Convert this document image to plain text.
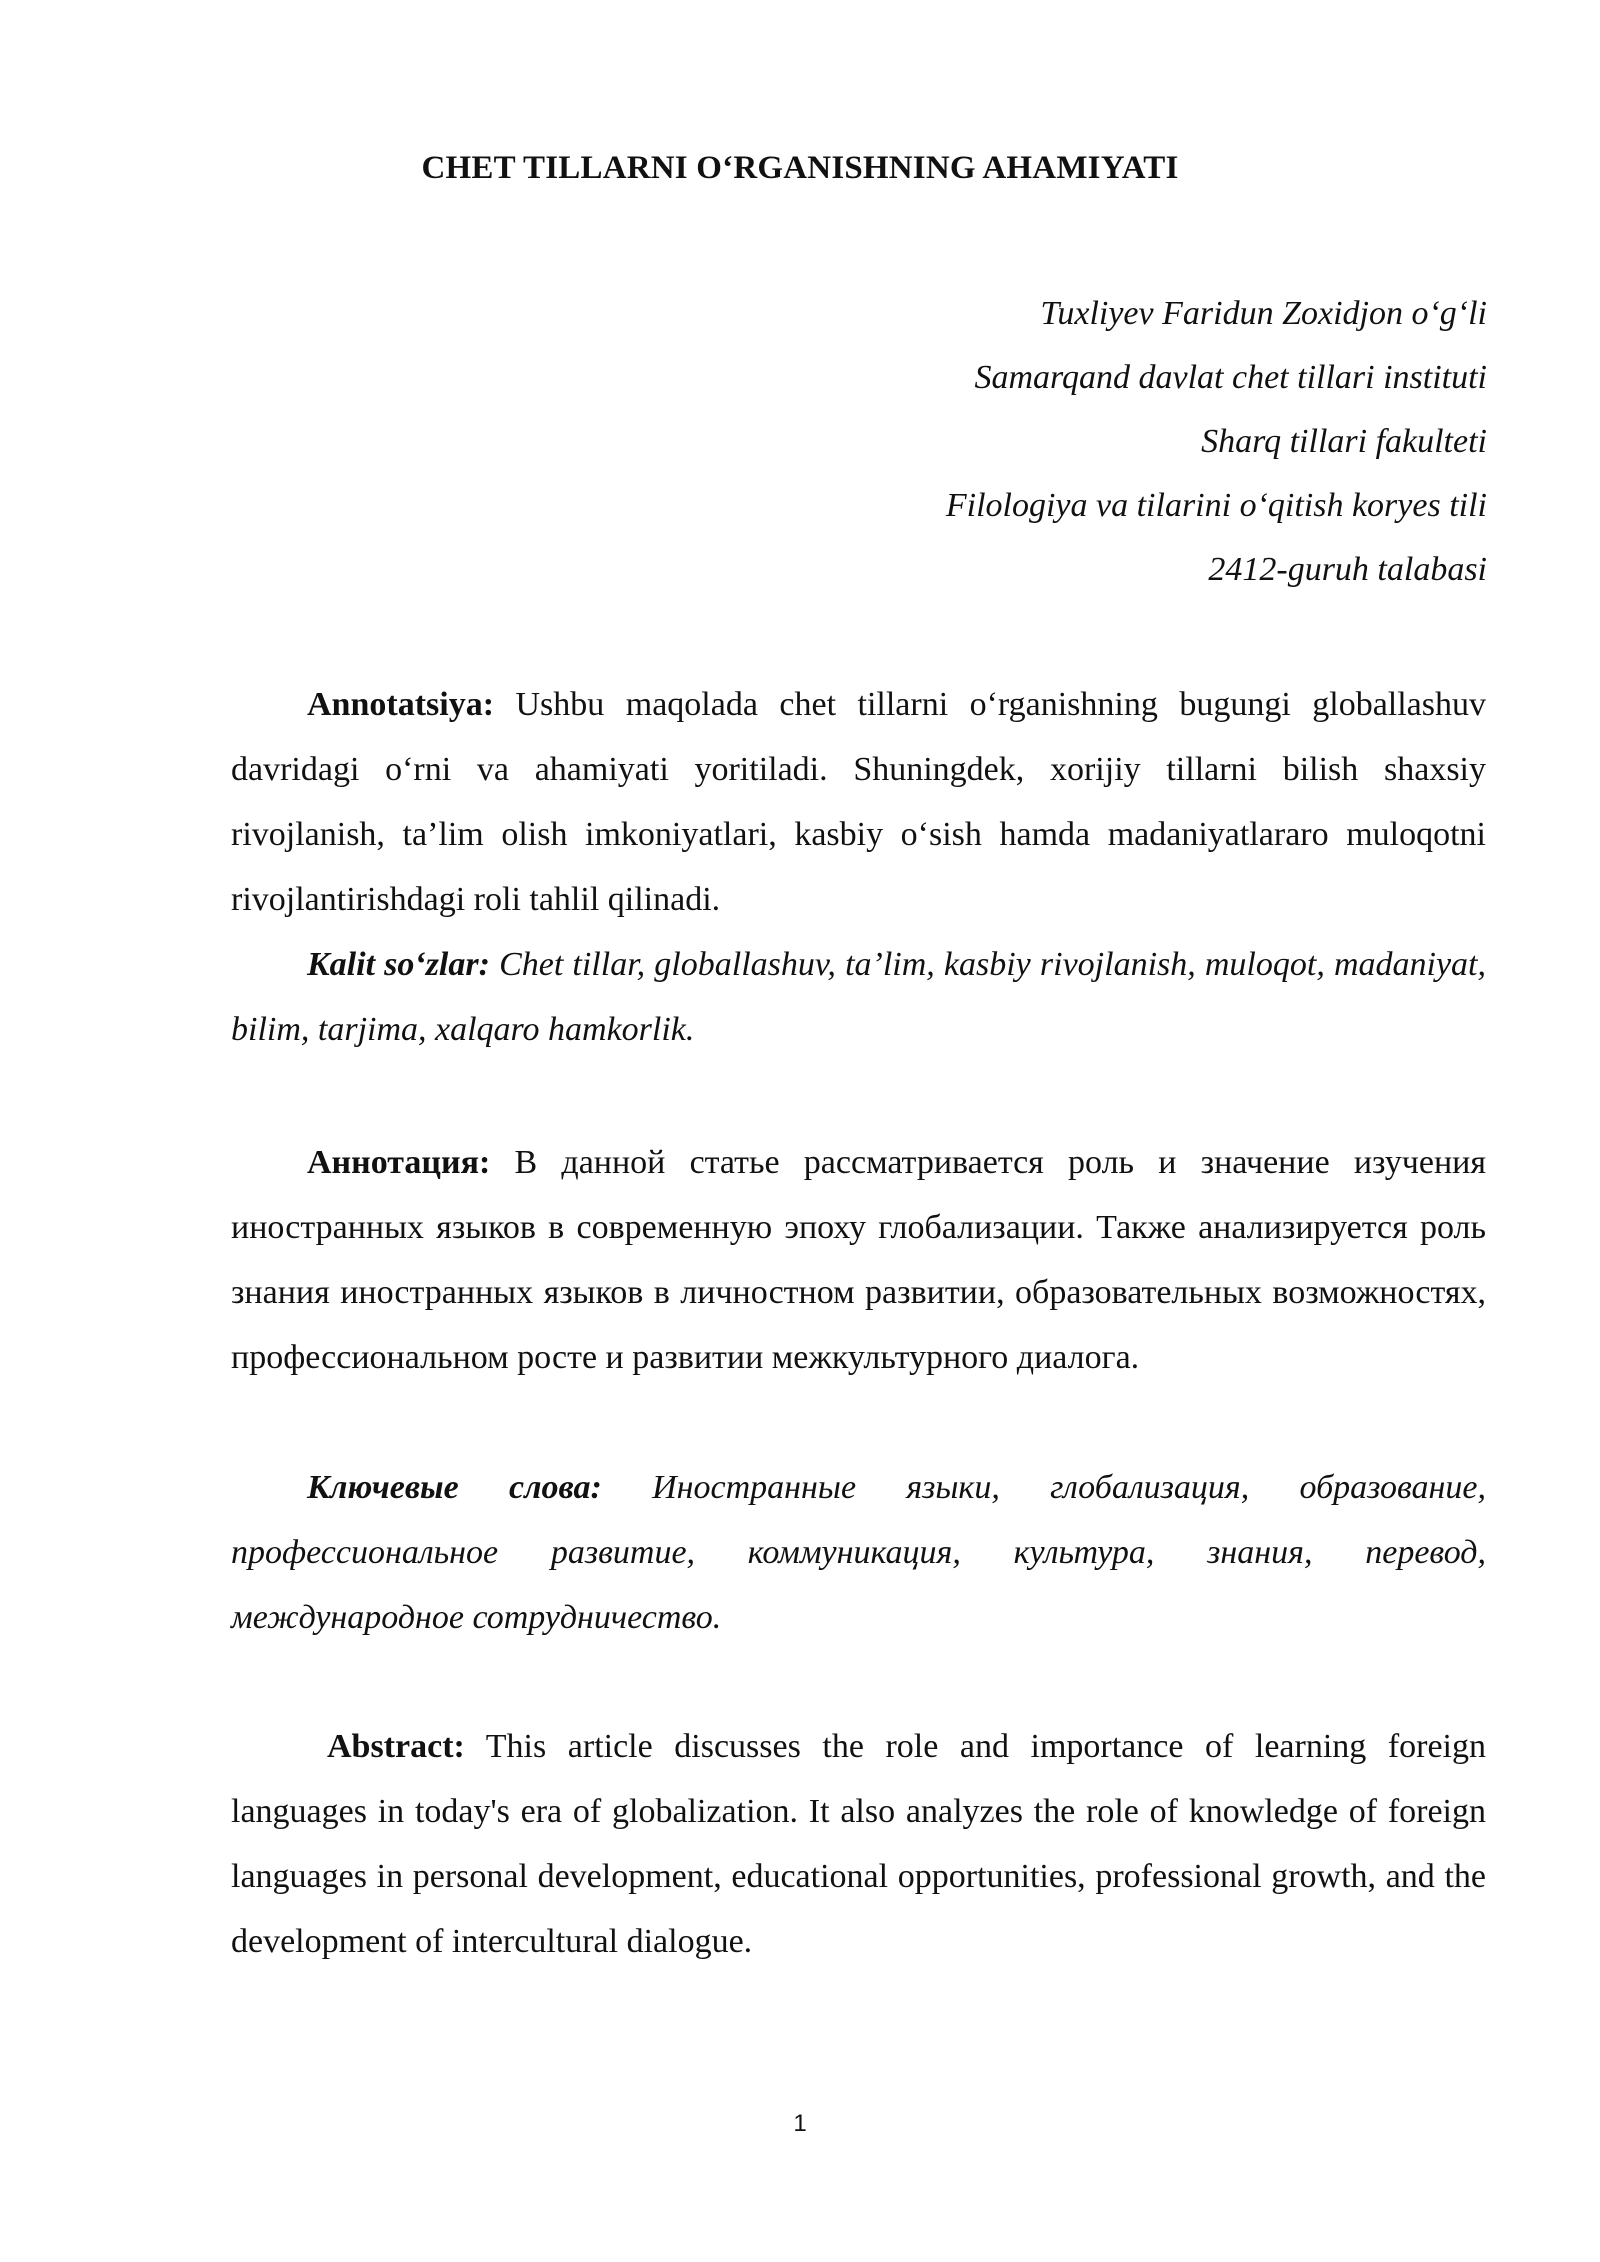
CHET TILLARNI O‘RGANISHNING AHAMIYATI
Tuxliyev Faridun Zoxidjon o‘g‘li
Samarqand davlat chet tillari instituti
Sharq tillari fakulteti
Filologiya va tilarini o‘qitish koryes tili
2412-guruh talabasi
Annotatsiya: Ushbu maqolada chet tillarni o‘rganishning bugungi globallashuv davridagi o‘rni va ahamiyati yoritiladi. Shuningdek, xorijiy tillarni bilish shaxsiy rivojlanish, ta’lim olish imkoniyatlari, kasbiy o‘sish hamda madaniyatlararo muloqotni rivojlantirishdagi roli tahlil qilinadi.
Kalit so‘zlar: Chet tillar, globallashuv, ta’lim, kasbiy rivojlanish, muloqot, madaniyat, bilim, tarjima, xalqaro hamkorlik.
Аннотация: В данной статье рассматривается роль и значение изучения иностранных языков в современную эпоху глобализации. Также анализируется роль знания иностранных языков в личностном развитии, образовательных возможностях, профессиональном росте и развитии межкультурного диалога.
Ключевые слова: Иностранные языки, глобализация, образование, профессиональное развитие, коммуникация, культура, знания, перевод, международное сотрудничество.
Abstract: This article discusses the role and importance of learning foreign languages in today's era of globalization. It also analyzes the role of knowledge of foreign languages in personal development, educational opportunities, professional growth, and the development of intercultural dialogue.
1
